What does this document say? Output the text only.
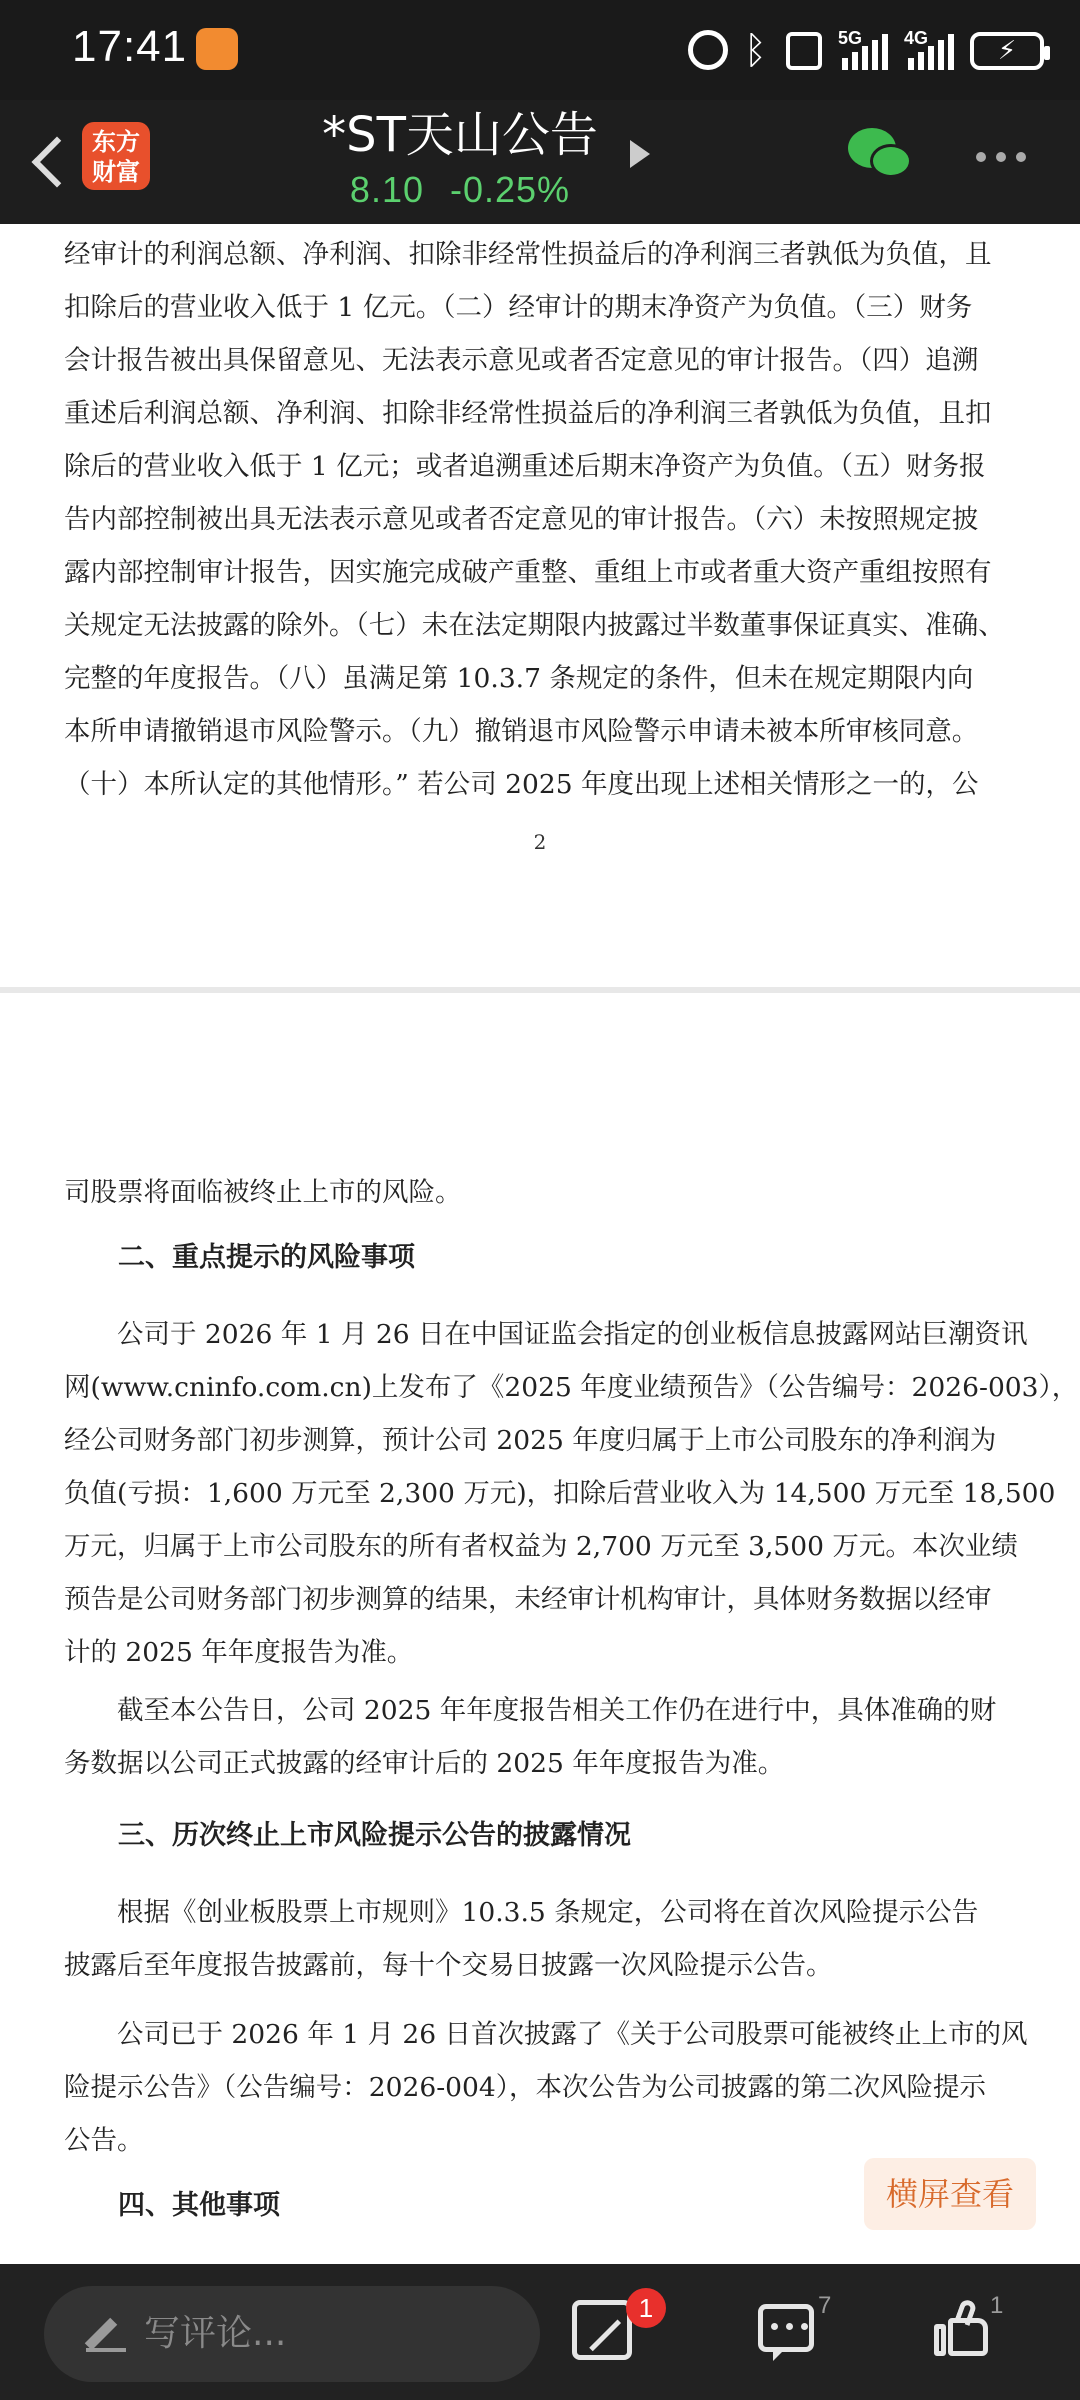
17:41	ᛒ	5G 4G	⚡
东方
财富
*ST天山公告
8.10 -0.25%
经审计的利润总额、净利润、扣除非经常性损益后的净利润三者孰低为负值，且
扣除后的营业收入低于 1 亿元。（二）经审计的期末净资产为负值。（三）财务
会计报告被出具保留意见、无法表示意见或者否定意见的审计报告。（四）追溯
重述后利润总额、净利润、扣除非经常性损益后的净利润三者孰低为负值，且扣
除后的营业收入低于 1 亿元；或者追溯重述后期末净资产为负值。（五）财务报
告内部控制被出具无法表示意见或者否定意见的审计报告。（六）未按照规定披
露内部控制审计报告，因实施完成破产重整、重组上市或者重大资产重组按照有
关规定无法披露的除外。（七）未在法定期限内披露过半数董事保证真实、准确、
完整的年度报告。（八）虽满足第 10.3.7 条规定的条件，但未在规定期限内向
本所申请撤销退市风险警示。（九）撤销退市风险警示申请未被本所审核同意。
（十）本所认定的其他情形。” 若公司 2025 年度出现上述相关情形之一的，公
2
司股票将面临被终止上市的风险。
二、重点提示的风险事项
公司于 2026 年 1 月 26 日在中国证监会指定的创业板信息披露网站巨潮资讯
网(www.cninfo.com.cn)上发布了《2025 年度业绩预告》（公告编号：2026-003），
经公司财务部门初步测算，预计公司 2025 年度归属于上市公司股东的净利润为
负值(亏损：1,600 万元至 2,300 万元)，扣除后营业收入为 14,500 万元至 18,500
万元，归属于上市公司股东的所有者权益为 2,700 万元至 3,500 万元。本次业绩
预告是公司财务部门初步测算的结果，未经审计机构审计，具体财务数据以经审
计的 2025 年年度报告为准。
截至本公告日，公司 2025 年年度报告相关工作仍在进行中，具体准确的财
务数据以公司正式披露的经审计后的 2025 年年度报告为准。
三、历次终止上市风险提示公告的披露情况
根据《创业板股票上市规则》10.3.5 条规定，公司将在首次风险提示公告
披露后至年度报告披露前，每十个交易日披露一次风险提示公告。
公司已于 2026 年 1 月 26 日首次披露了《关于公司股票可能被终止上市的风
险提示公告》（公告编号：2026-004），本次公告为公司披露的第二次风险提示
公告。
四、其他事项	横屏查看
写评论...
1	7	1
